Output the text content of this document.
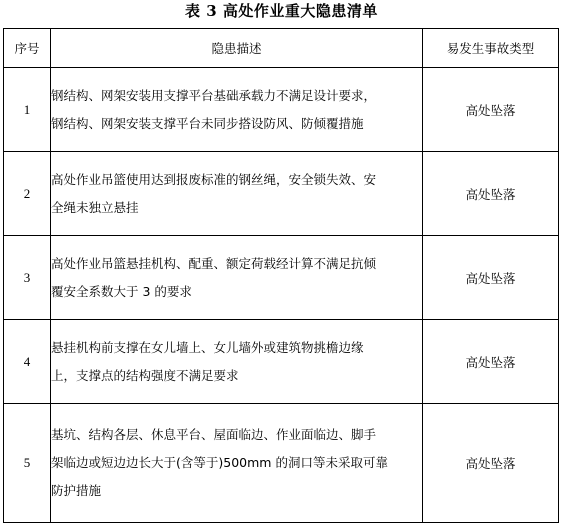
表 3 高处作业重大隐患清单
序号	隐患描述	易发生事故类型
1	钢结构、网架安装用支撑平台基础承载力不满足设计要求，
钢结构、网架安装支撑平台未同步搭设防风、防倾覆措施	高处坠落
2	高处作业吊篮使用达到报废标准的钢丝绳，安全锁失效、安
全绳未独立悬挂	高处坠落
3	高处作业吊篮悬挂机构、配重、额定荷载经计算不满足抗倾
覆安全系数大于 3 的要求	高处坠落
4	悬挂机构前支撑在女儿墙上、女儿墙外或建筑物挑檐边缘
上，支撑点的结构强度不满足要求	高处坠落
5	基坑、结构各层、休息平台、屋面临边、作业面临边、脚手
架临边或短边边长大于(含等于)500mm 的洞口等未采取可靠
防护措施	高处坠落
